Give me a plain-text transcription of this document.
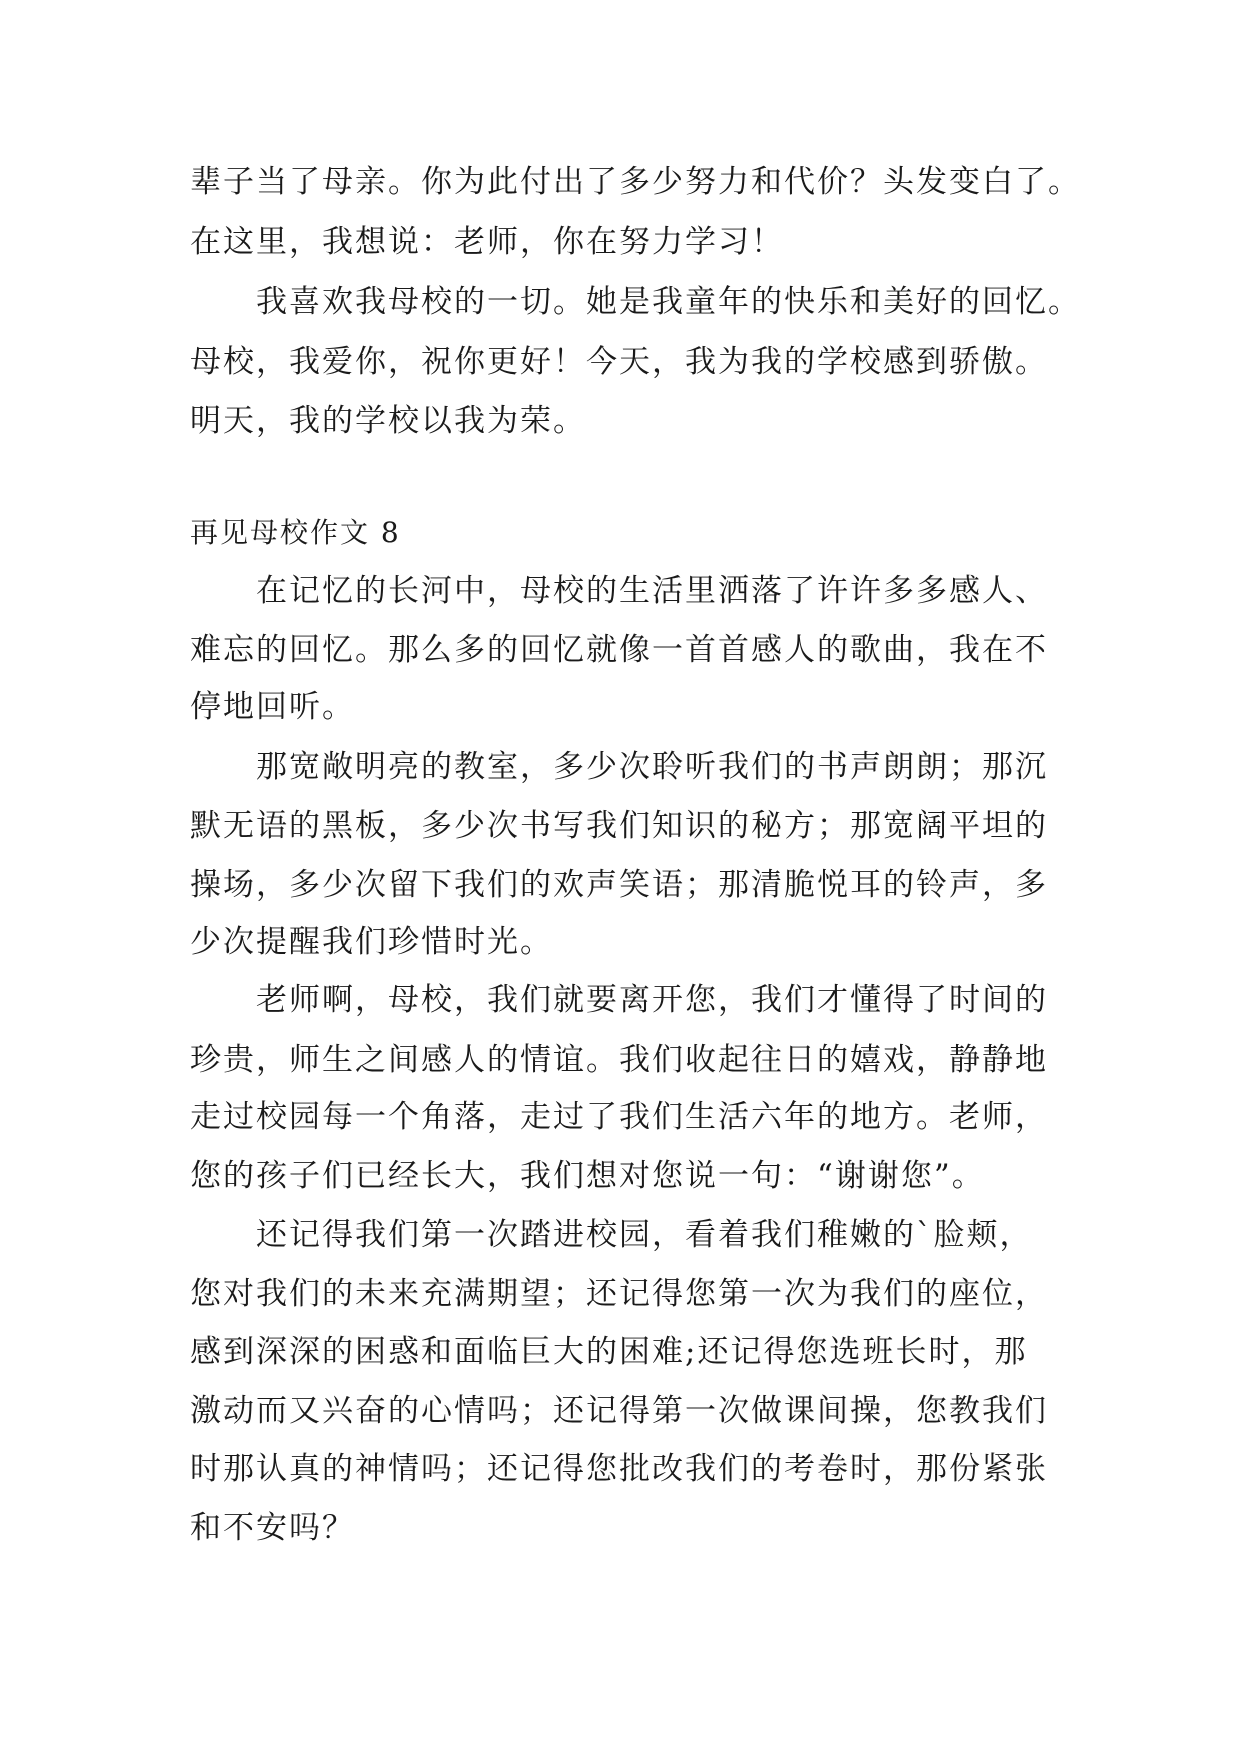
辈子当了母亲。你为此付出了多少努力和代价？头发变白了。
在这里，我想说：老师，你在努力学习！
我喜欢我母校的一切。她是我童年的快乐和美好的回忆。
母校，我爱你，祝你更好！今天，我为我的学校感到骄傲。
明天，我的学校以我为荣。
再见母校作文 8
在记忆的长河中，母校的生活里洒落了许许多多感人、
难忘的回忆。那么多的回忆就像一首首感人的歌曲，我在不
停地回听。
那宽敞明亮的教室，多少次聆听我们的书声朗朗；那沉
默无语的黑板，多少次书写我们知识的秘方；那宽阔平坦的
操场，多少次留下我们的欢声笑语；那清脆悦耳的铃声，多
少次提醒我们珍惜时光。
老师啊，母校，我们就要离开您，我们才懂得了时间的
珍贵，师生之间感人的情谊。我们收起往日的嬉戏，静静地
走过校园每一个角落，走过了我们生活六年的地方。老师，
您的孩子们已经长大，我们想对您说一句：“谢谢您”。
还记得我们第一次踏进校园，看着我们稚嫩的`脸颊，
您对我们的未来充满期望；还记得您第一次为我们的座位，
感到深深的困惑和面临巨大的困难;还记得您选班长时，那
激动而又兴奋的心情吗；还记得第一次做课间操，您教我们
时那认真的神情吗；还记得您批改我们的考卷时，那份紧张
和不安吗？
